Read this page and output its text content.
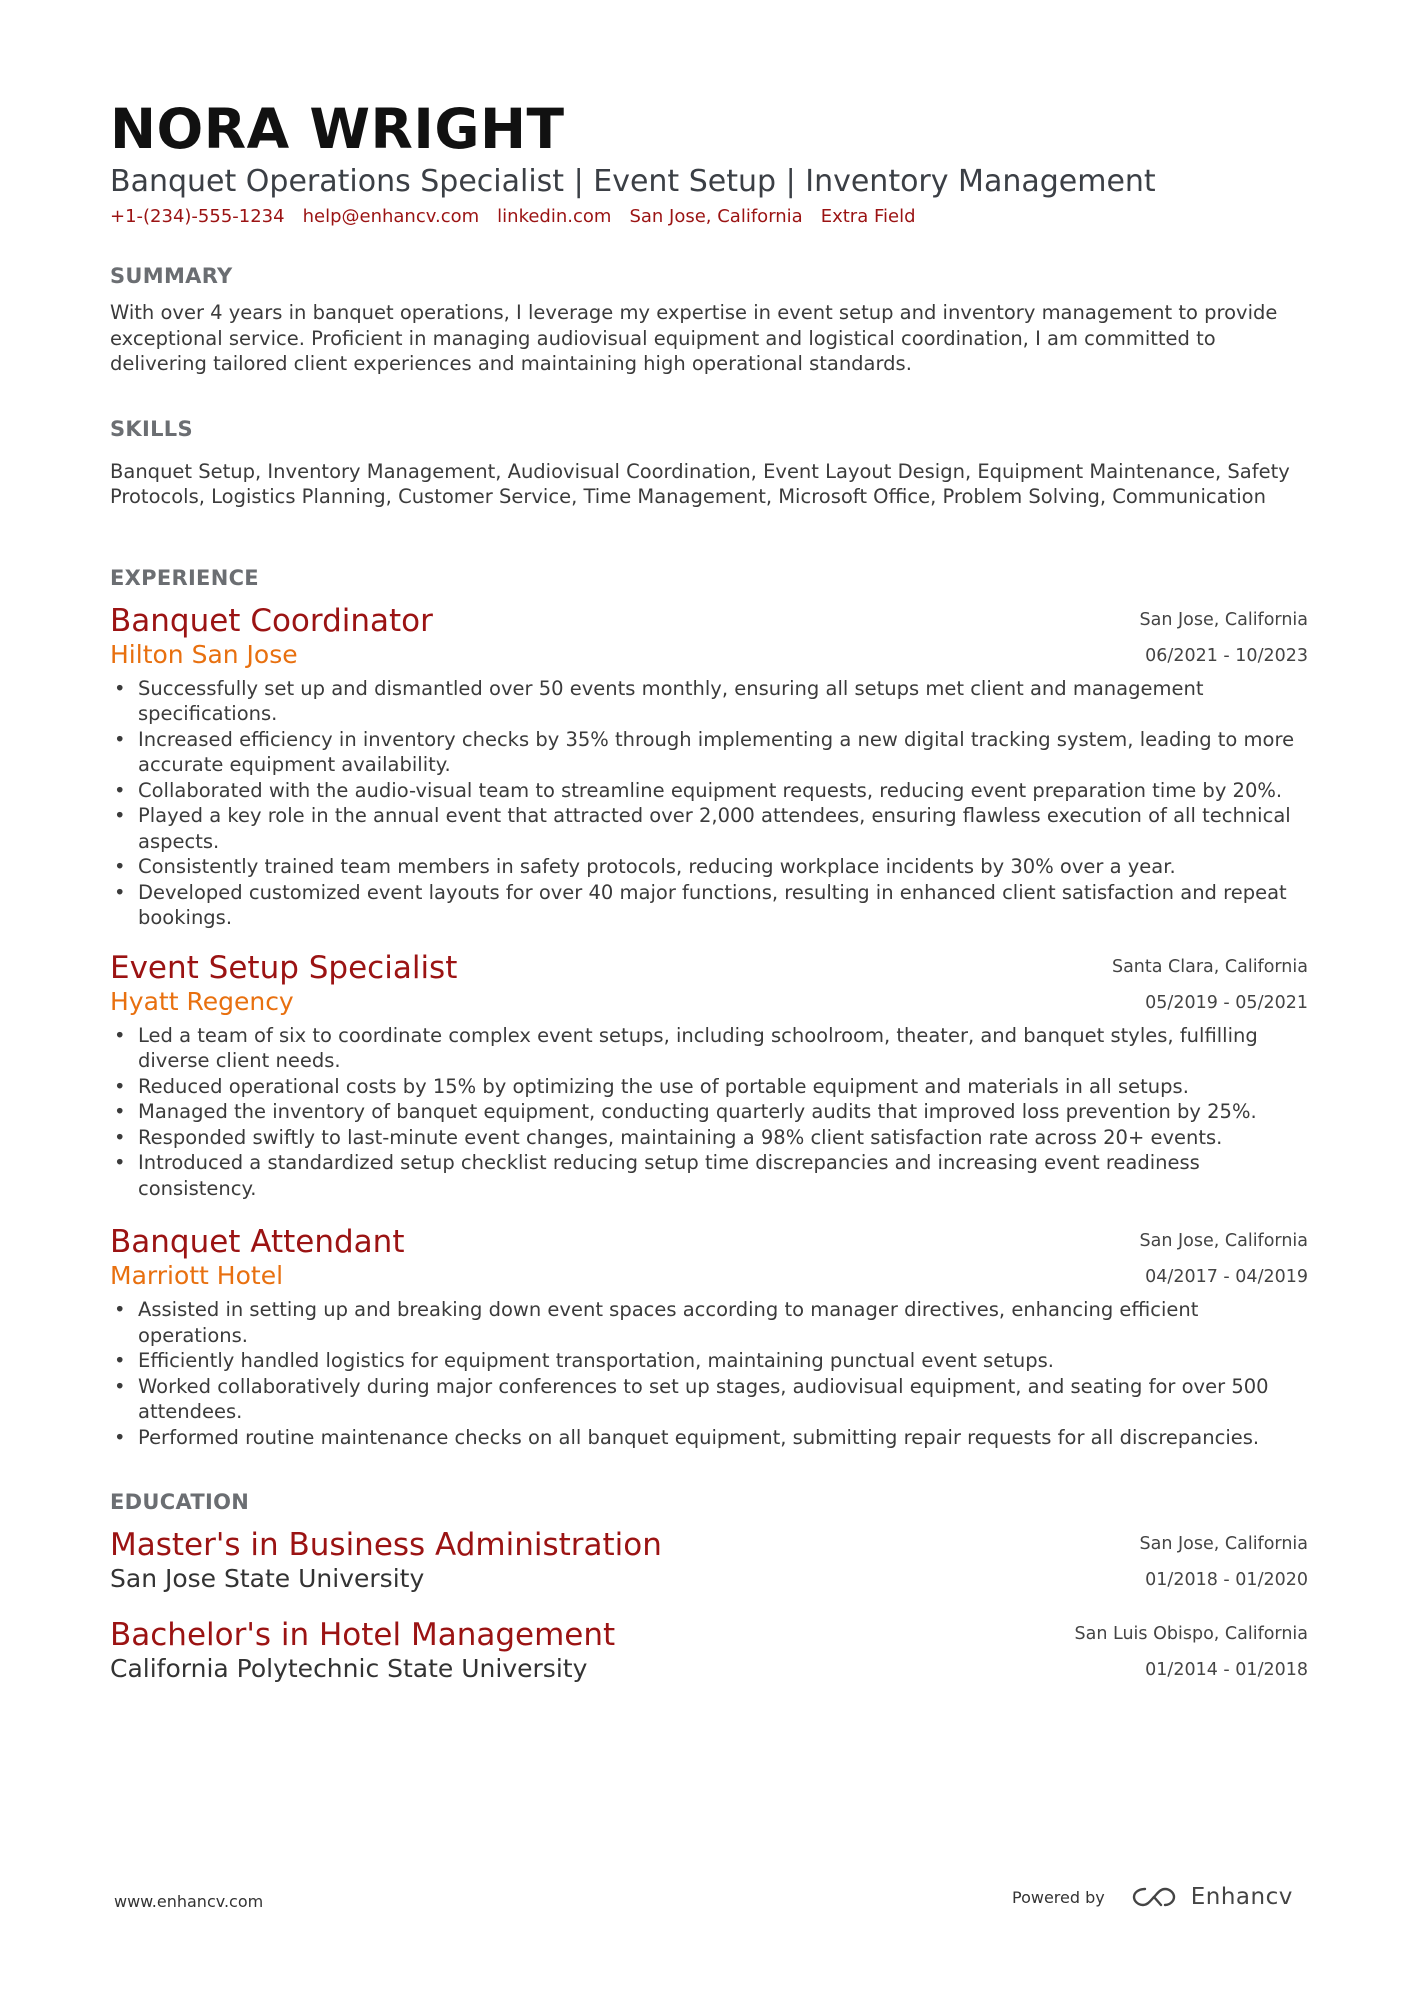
NORA WRIGHT
Banquet Operations Specialist | Event Setup | Inventory Management
+1-(234)-555-1234 help@enhancv.com linkedin.com San Jose, California Extra Field
SUMMARY
With over 4 years in banquet operations, I leverage my expertise in event setup and inventory management to provide exceptional service. Proficient in managing audiovisual equipment and logistical coordination, I am committed to delivering tailored client experiences and maintaining high operational standards.
SKILLS
Banquet Setup, Inventory Management, Audiovisual Coordination, Event Layout Design, Equipment Maintenance, Safety Protocols, Logistics Planning, Customer Service, Time Management, Microsoft Office, Problem Solving, Communication
EXPERIENCE
Banquet Coordinator
Hilton San Jose
San Jose, California
06/2021 - 10/2023
• Successfully set up and dismantled over 50 events monthly, ensuring all setups met client and management specifications.
• Increased efficiency in inventory checks by 35% through implementing a new digital tracking system, leading to more accurate equipment availability.
• Collaborated with the audio-visual team to streamline equipment requests, reducing event preparation time by 20%.
• Played a key role in the annual event that attracted over 2,000 attendees, ensuring flawless execution of all technical aspects.
• Consistently trained team members in safety protocols, reducing workplace incidents by 30% over a year.
• Developed customized event layouts for over 40 major functions, resulting in enhanced client satisfaction and repeat bookings.
Event Setup Specialist
Hyatt Regency
Santa Clara, California
05/2019 - 05/2021
• Led a team of six to coordinate complex event setups, including schoolroom, theater, and banquet styles, fulfilling diverse client needs.
• Reduced operational costs by 15% by optimizing the use of portable equipment and materials in all setups.
• Managed the inventory of banquet equipment, conducting quarterly audits that improved loss prevention by 25%.
• Responded swiftly to last-minute event changes, maintaining a 98% client satisfaction rate across 20+ events.
• Introduced a standardized setup checklist reducing setup time discrepancies and increasing event readiness consistency.
Banquet Attendant
Marriott Hotel
San Jose, California
04/2017 - 04/2019
• Assisted in setting up and breaking down event spaces according to manager directives, enhancing efficient operations.
• Efficiently handled logistics for equipment transportation, maintaining punctual event setups.
• Worked collaboratively during major conferences to set up stages, audiovisual equipment, and seating for over 500 attendees.
• Performed routine maintenance checks on all banquet equipment, submitting repair requests for all discrepancies.
EDUCATION
Master's in Business Administration
San Jose State University
San Jose, California
01/2018 - 01/2020
Bachelor's in Hotel Management
California Polytechnic State University
San Luis Obispo, California
01/2014 - 01/2018
www.enhancv.com	Powered by	Enhancv
